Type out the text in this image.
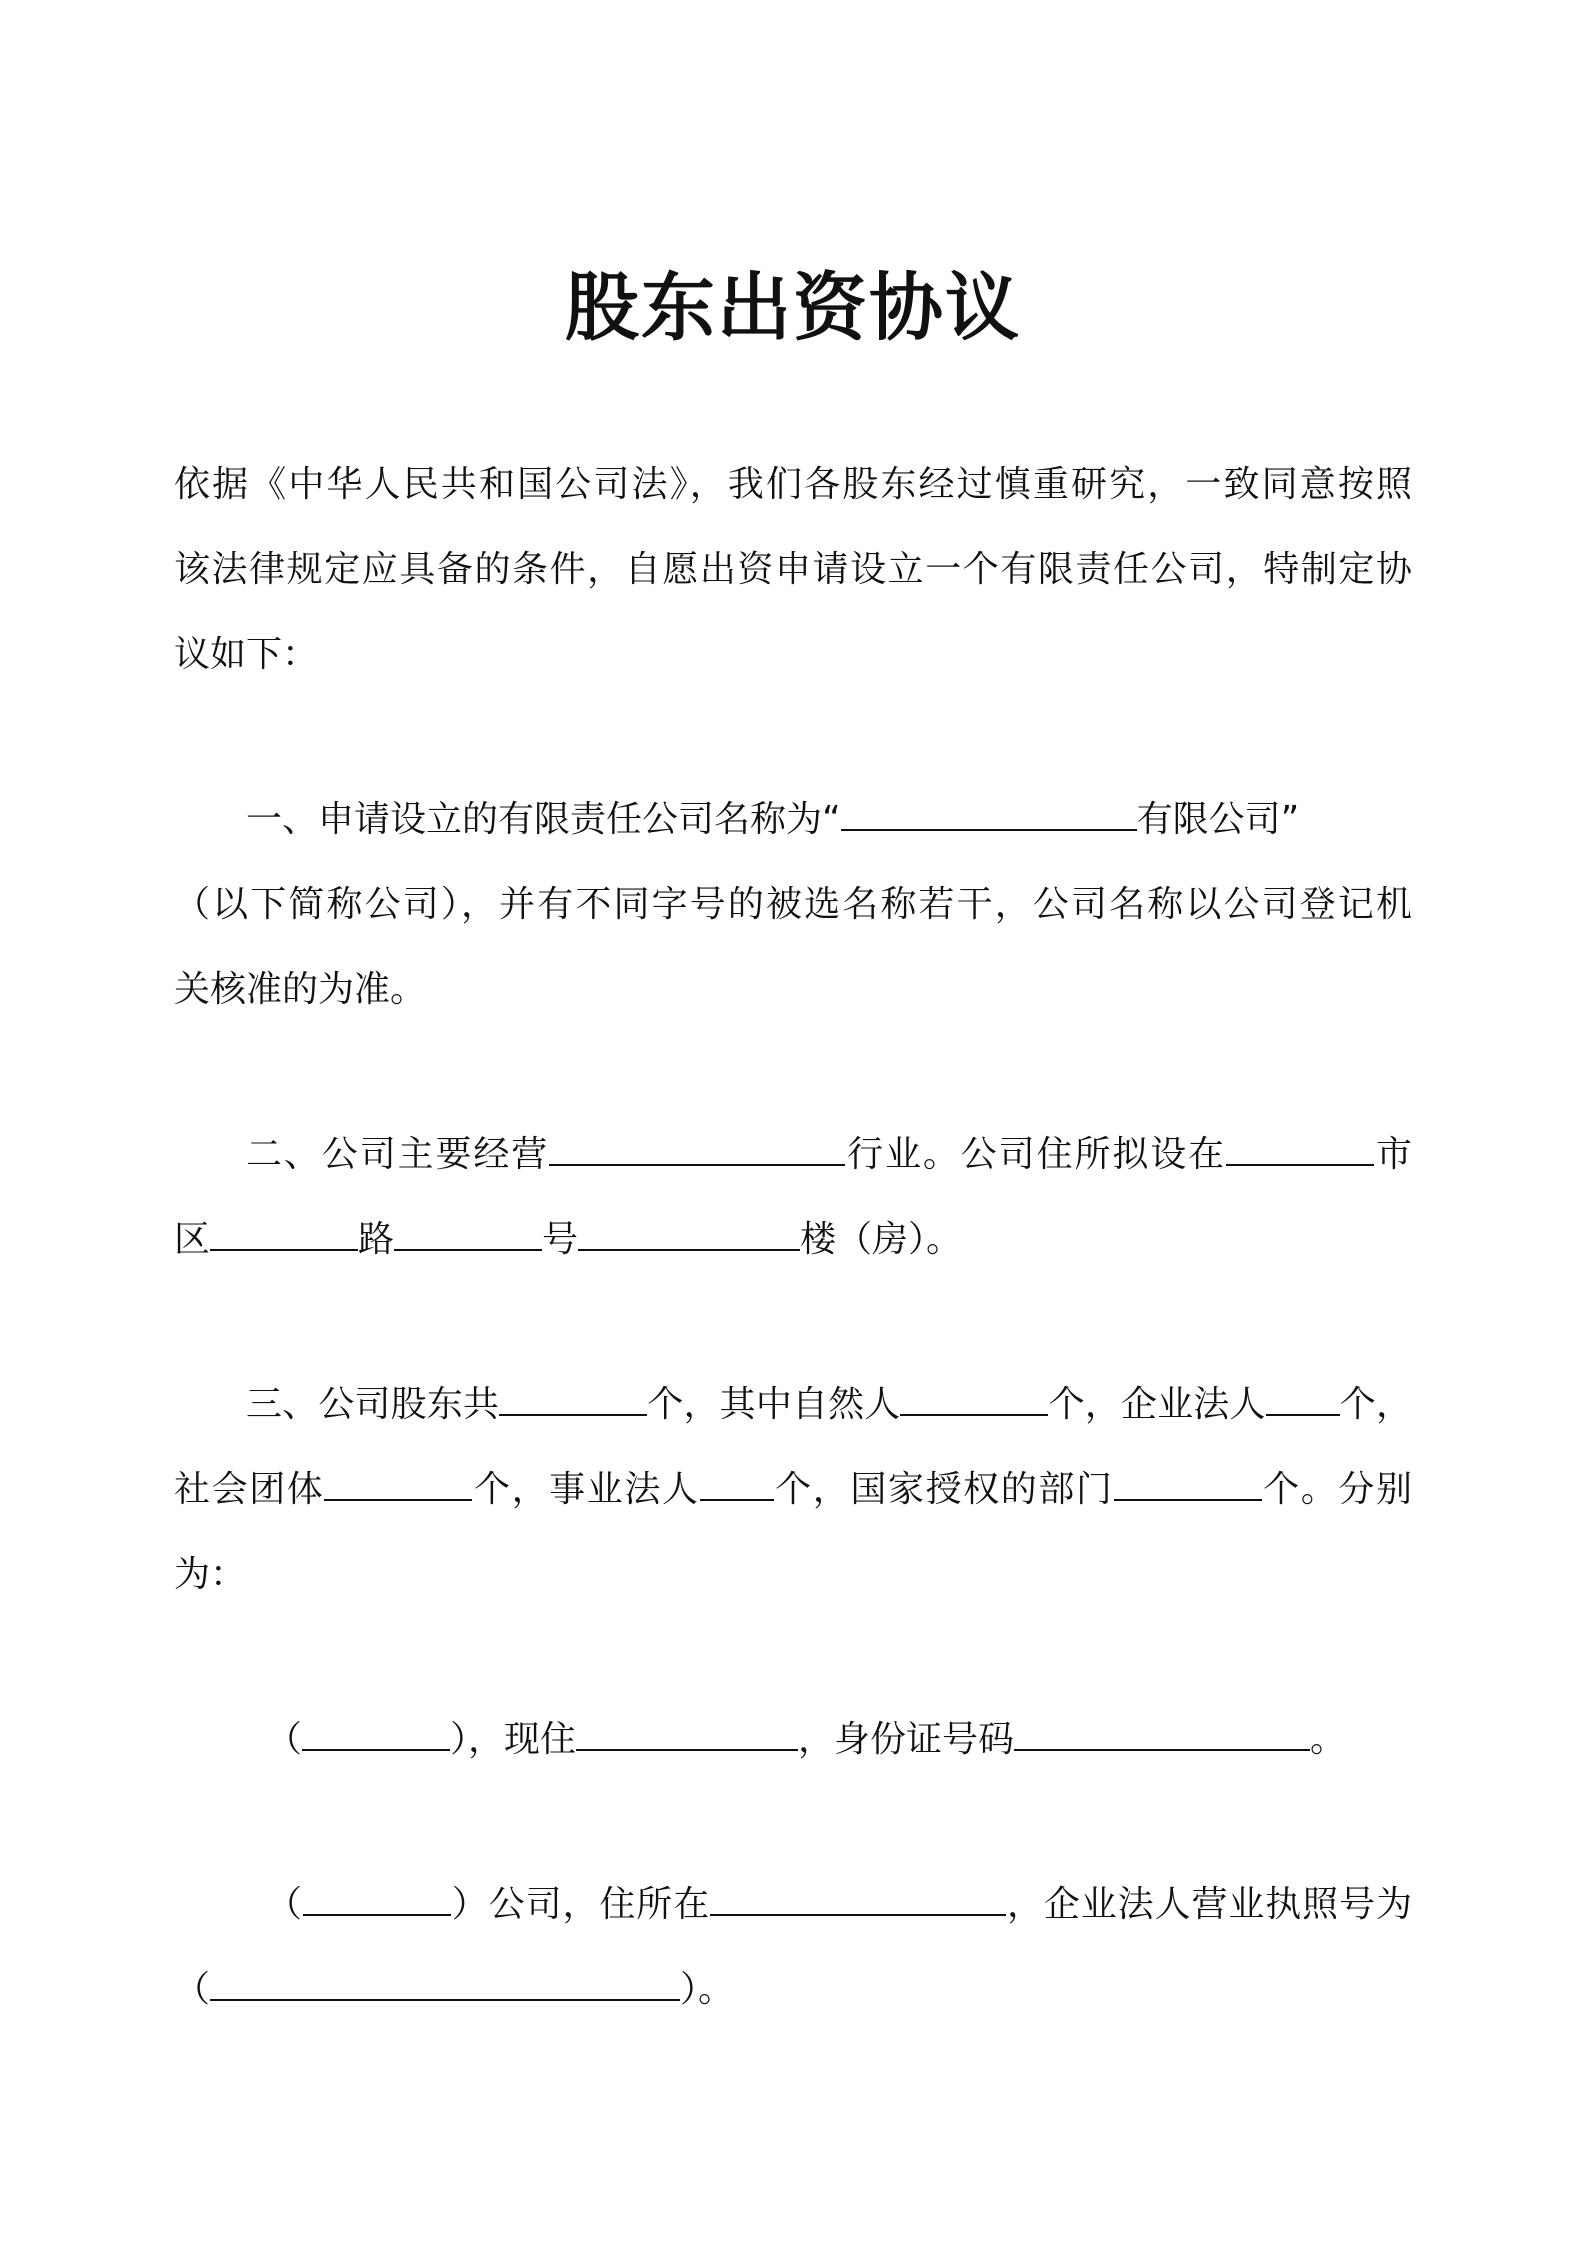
股东出资协议
依据《中华人民共和国公司法》，我们各股东经过慎重研究，一致同意按照
该法律规定应具备的条件，自愿出资申请设立一个有限责任公司，特制定协
议如下：
一、申请设立的有限责任公司名称为“	有限公司”
（以下简称公司），并有不同字号的被选名称若干，公司名称以公司登记机
关核准的为准。
二、公司主要经营	行业。公司住所拟设在	市
区	路	号	楼（房）。
三、公司股东共	个，其中自然人	个，企业法人 个，
社会团体	个，事业法人 个，国家授权的部门	个。分别
为：
（	），现住	，身份证号码	。
（	）公司，住所在	，企业法人营业执照号为
（	）。
